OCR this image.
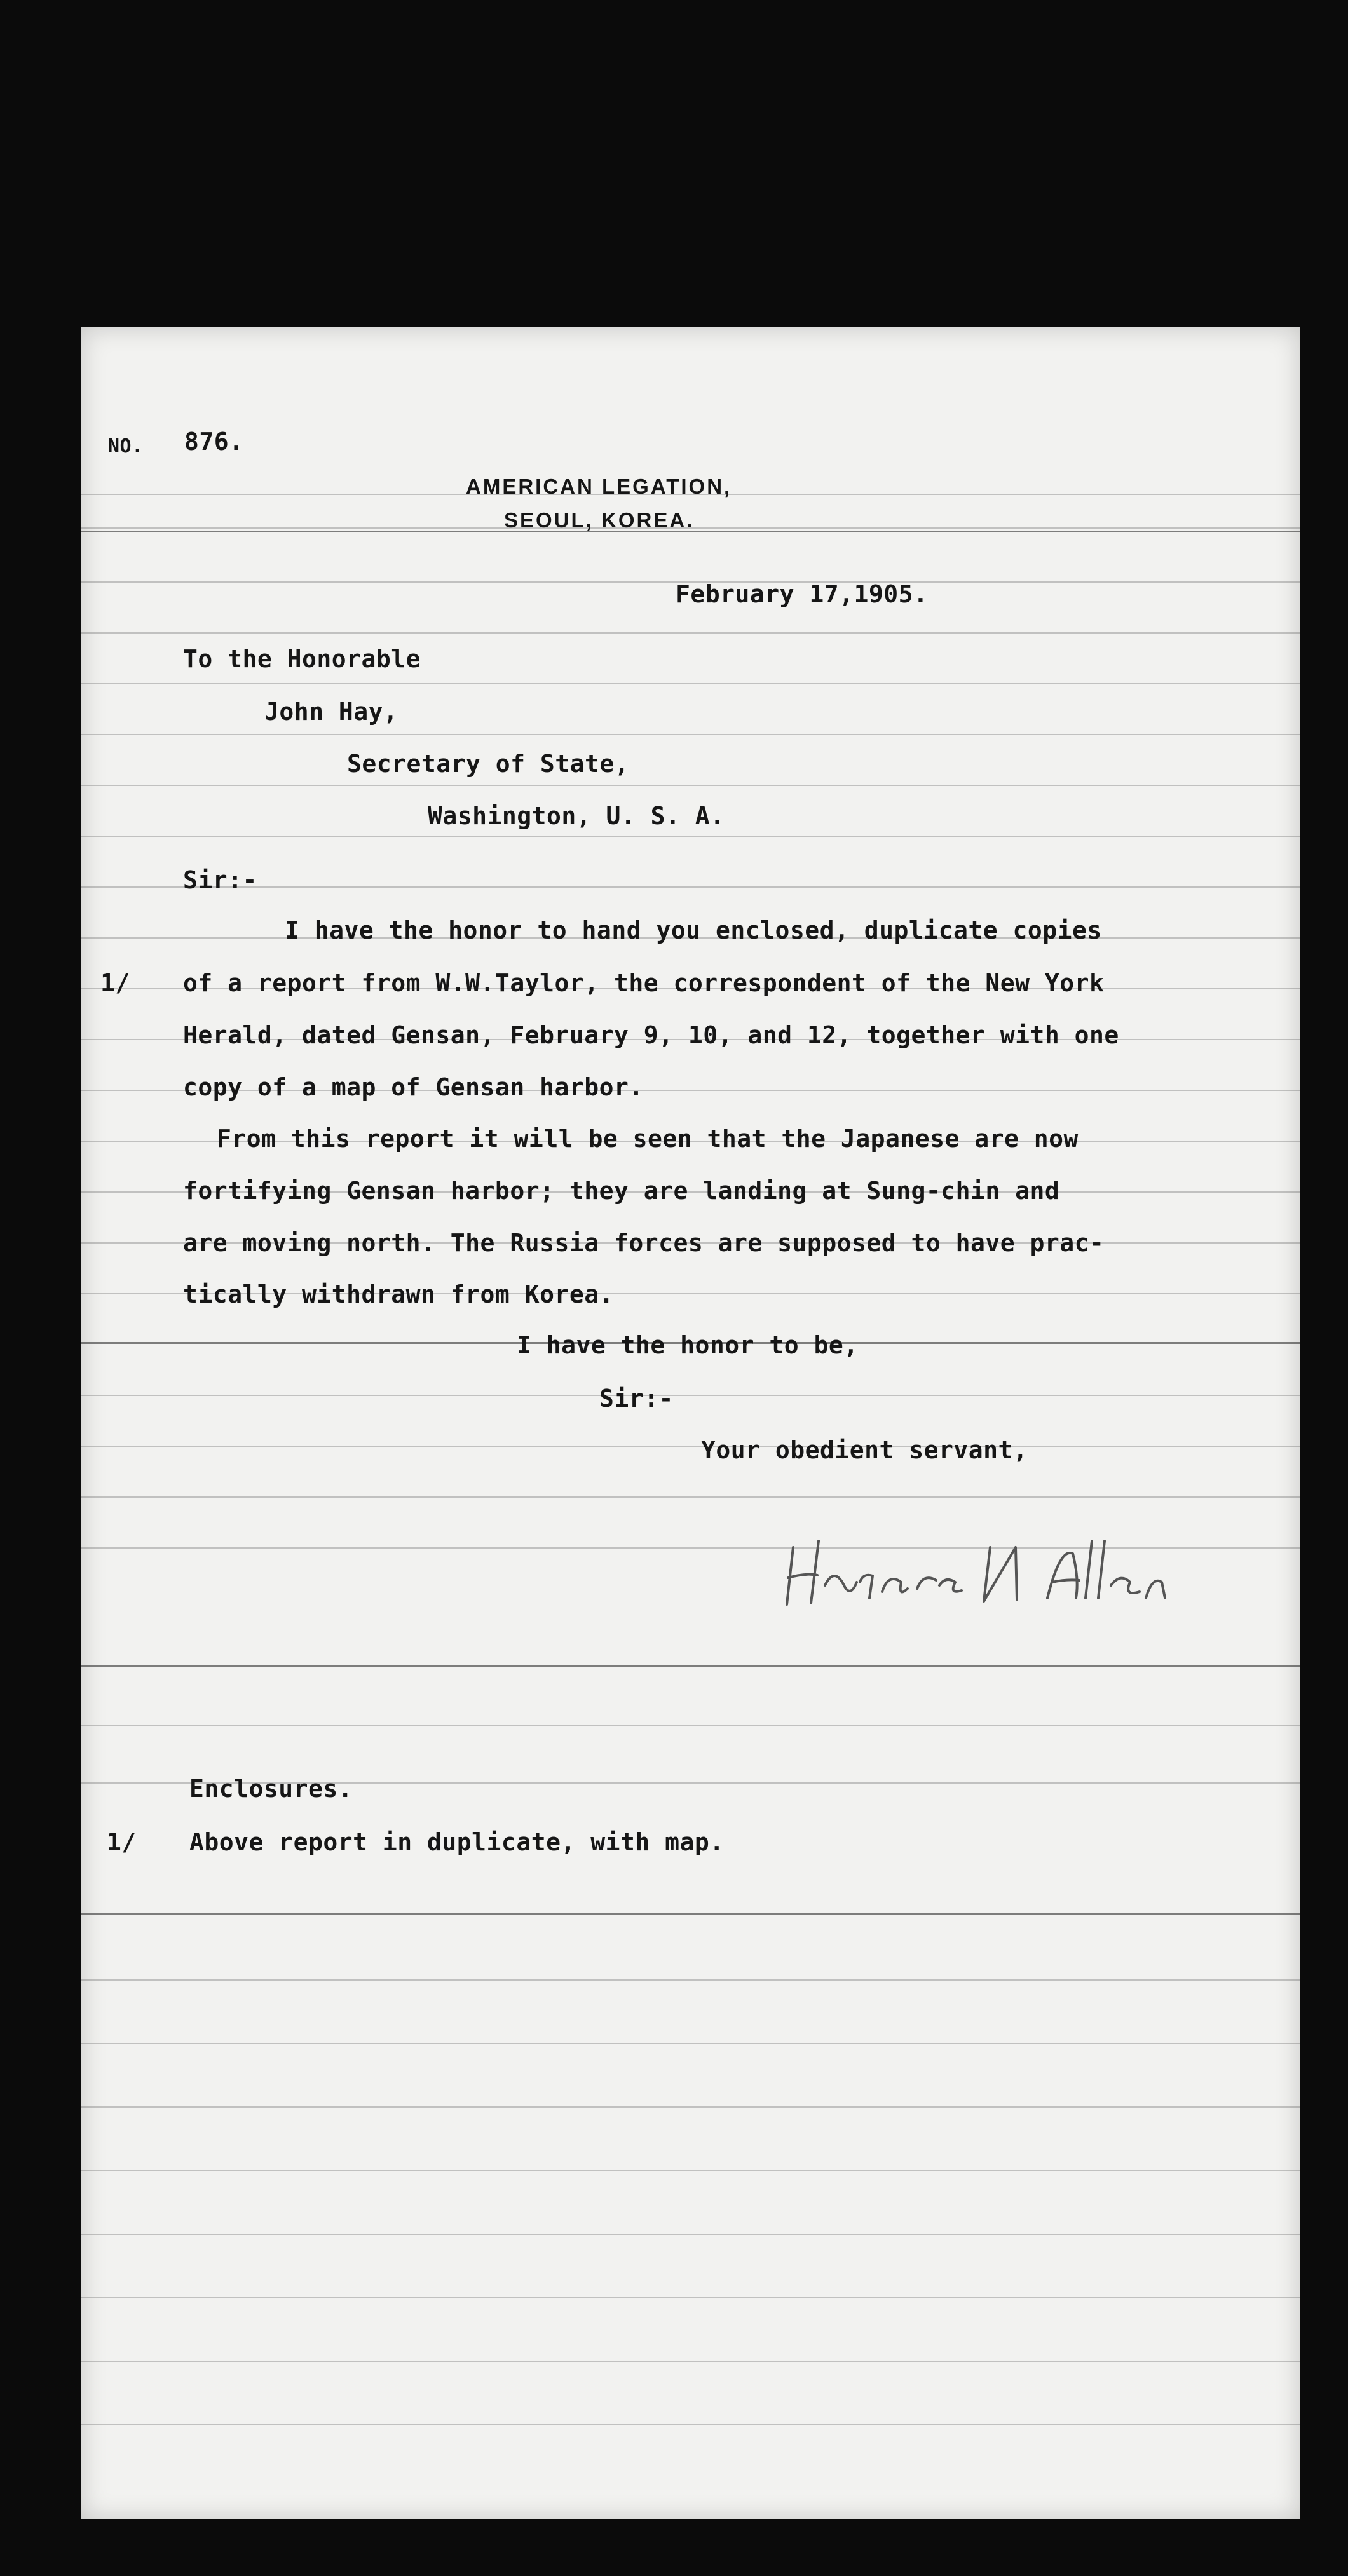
NO. 876.
AMERICAN LEGATION,
SEOUL, KOREA.
February 17,1905.
To the Honorable
John Hay,
Secretary of State,
Washington, U. S. A.
Sir:-
I have the honor to hand you enclosed, duplicate copies
1/ of a report from W.W.Taylor, the correspondent of the New York
Herald, dated Gensan, February 9, 10, and 12, together with one
copy of a map of Gensan harbor.
From this report it will be seen that the Japanese are now
fortifying Gensan harbor; they are landing at Sung-chin and
are moving north. The Russia forces are supposed to have prac-
tically withdrawn from Korea.
I have the honor to be,
Sir:-
Your obedient servant,
Enclosures.
1/ Above report in duplicate, with map.
